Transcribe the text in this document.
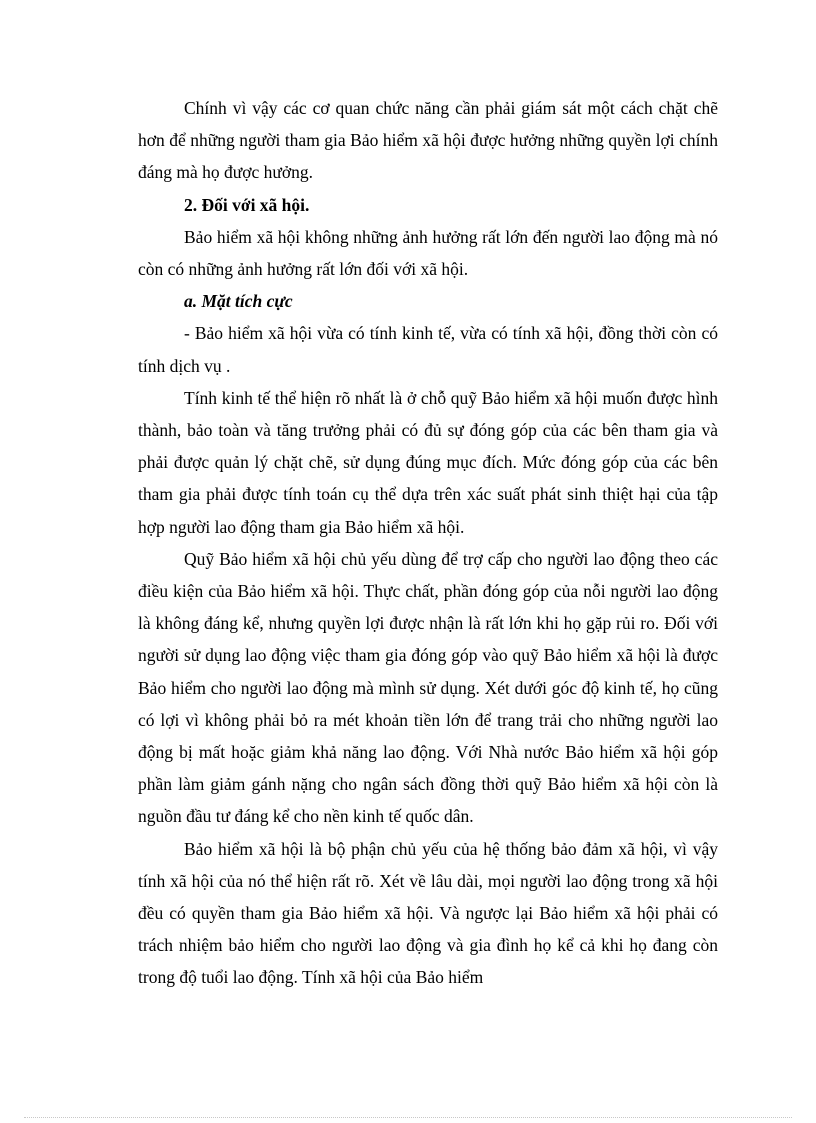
Chính vì vậy các cơ quan chức năng cần phải giám sát một cách chặt chẽ hơn để những người tham gia Bảo hiểm xã hội được hưởng những quyền lợi chính đáng mà họ được hưởng.

2. Đối với xã hội.

Bảo hiểm xã hội không những ảnh hưởng rất lớn đến người lao động mà nó còn có những ảnh hưởng rất lớn đối với xã hội.

a. Mặt tích cực

- Bảo hiểm xã hội vừa có tính kinh tế, vừa có tính xã hội, đồng thời còn có tính dịch vụ .

Tính kinh tế thể hiện rõ nhất là ở chỗ quỹ Bảo hiểm xã hội muốn được hình thành, bảo toàn và tăng trưởng phải có đủ sự đóng góp của các bên tham gia và phải được quản lý chặt chẽ, sử dụng đúng mục đích. Mức đóng góp của các bên tham gia phải được tính toán cụ thể dựa trên xác suất phát sinh thiệt hại của tập hợp người lao động tham gia Bảo hiểm xã hội.

Quỹ Bảo hiểm xã hội chủ yếu dùng để trợ cấp cho người lao động theo các điều kiện của Bảo hiểm xã hội. Thực chất, phần đóng góp của nỗi người lao động là không đáng kể, nhưng quyền lợi được nhận là rất lớn khi họ gặp rủi ro. Đối với người sử dụng lao động việc tham gia đóng góp vào quỹ Bảo hiểm xã hội là được Bảo hiểm cho người lao động mà mình sử dụng. Xét dưới góc độ kinh tế, họ cũng có lợi vì không phải bỏ ra mét khoản tiền lớn để trang trải cho những người lao động bị mất hoặc giảm khả năng lao động. Với Nhà nước Bảo hiểm xã hội góp phần làm giảm gánh nặng cho ngân sách đồng thời quỹ Bảo hiểm xã hội còn là nguồn đầu tư đáng kể cho nền kinh tế quốc dân.

Bảo hiểm xã hội là bộ phận chủ yếu của hệ thống bảo đảm xã hội, vì vậy tính xã hội của nó thể hiện rất rõ. Xét về lâu dài, mọi người lao động trong xã hội đều có quyền tham gia Bảo hiểm xã hội. Và ngược lại Bảo hiểm xã hội phải có trách nhiệm bảo hiểm cho người lao động và gia đình họ kể cả khi họ đang còn trong độ tuổi lao động. Tính xã hội của Bảo hiểm
